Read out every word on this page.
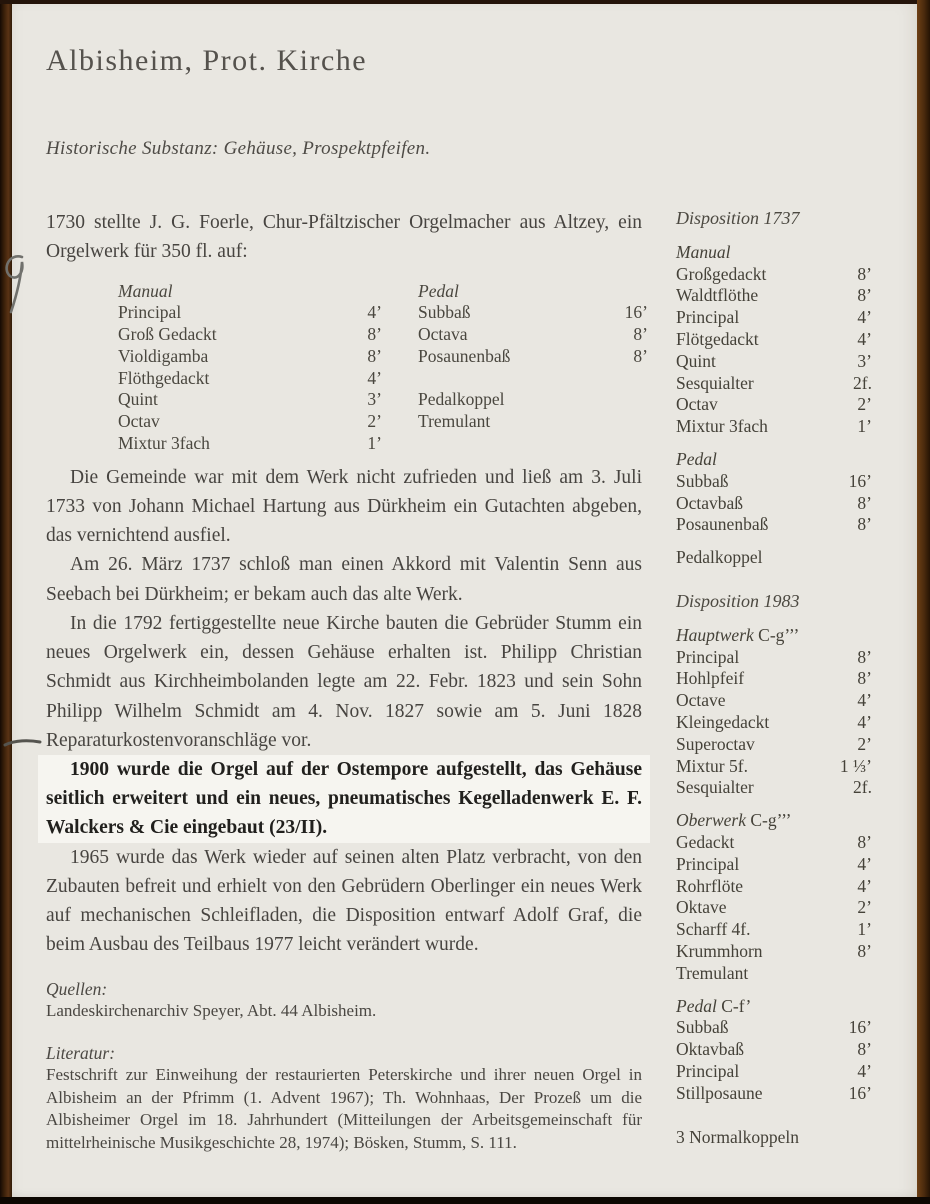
Albisheim, Prot. Kirche
Historische Substanz: Gehäuse, Prospektpfeifen.
1730 stellte J. G. Foerle, Chur-Pfältzischer Orgelmacher aus Altzey, ein Orgelwerk für 350 fl. auf:
Manual	Pedal
Principal	4’ Subbaß	16’
Groß Gedackt	8’ Octava	8’
Violdigamba	8’ Posaunenbaß	8’
Flöthgedackt	4’
Quint	3’ Pedalkoppel
Octav	2’ Tremulant
Mixtur 3fach	1’
Die Gemeinde war mit dem Werk nicht zufrieden und ließ am 3. Juli 1733 von Johann Michael Hartung aus Dürkheim ein Gutachten abgeben, das vernichtend ausfiel.
Am 26. März 1737 schloß man einen Akkord mit Valentin Senn aus Seebach bei Dürkheim; er bekam auch das alte Werk.
In die 1792 fertiggestellte neue Kirche bauten die Gebrüder Stumm ein neues Orgelwerk ein, dessen Gehäuse erhalten ist. Philipp Christian Schmidt aus Kirchheimbolanden legte am 22. Febr. 1823 und sein Sohn Philipp Wilhelm Schmidt am 4. Nov. 1827 sowie am 5. Juni 1828 Reparaturkostenvoranschläge vor.
1900 wurde die Orgel auf der Ostempore aufgestellt, das Gehäuse seitlich erweitert und ein neues, pneumatisches Kegelladenwerk E. F. Walckers & Cie eingebaut (23/II).
1965 wurde das Werk wieder auf seinen alten Platz verbracht, von den Zubauten befreit und erhielt von den Gebrüdern Oberlinger ein neues Werk auf mechanischen Schleifladen, die Disposition entwarf Adolf Graf, die beim Ausbau des Teilbaus 1977 leicht verändert wurde.
Quellen:
Landeskirchenarchiv Speyer, Abt. 44 Albisheim.
Literatur:
Festschrift zur Einweihung der restaurierten Peterskirche und ihrer neuen Orgel in Albisheim an der Pfrimm (1. Advent 1967); Th. Wohnhaas, Der Prozeß um die Albisheimer Orgel im 18. Jahrhundert (Mitteilungen der Arbeitsgemeinschaft für mittelrheinische Musikgeschichte 28, 1974); Bösken, Stumm, S. 111.
Disposition 1737
Manual
Großgedackt	8’
Waldtflöthe	8’
Principal	4’
Flötgedackt	4’
Quint	3’
Sesquialter	2f.
Octav	2’
Mixtur 3fach	1’
Pedal
Subbaß	16’
Octavbaß	8’
Posaunenbaß	8’
Pedalkoppel
Disposition 1983
Hauptwerk C-g’’’
Principal	8’
Hohlpfeif	8’
Octave	4’
Kleingedackt	4’
Superoctav	2’
Mixtur 5f.	1 ⅓’
Sesquialter	2f.
Oberwerk C-g’’’
Gedackt	8’
Principal	4’
Rohrflöte	4’
Oktave	2’
Scharff 4f.	1’
Krummhorn	8’
Tremulant
Pedal C-f’
Subbaß	16’
Oktavbaß	8’
Principal	4’
Stillposaune	16’
3 Normalkoppeln
